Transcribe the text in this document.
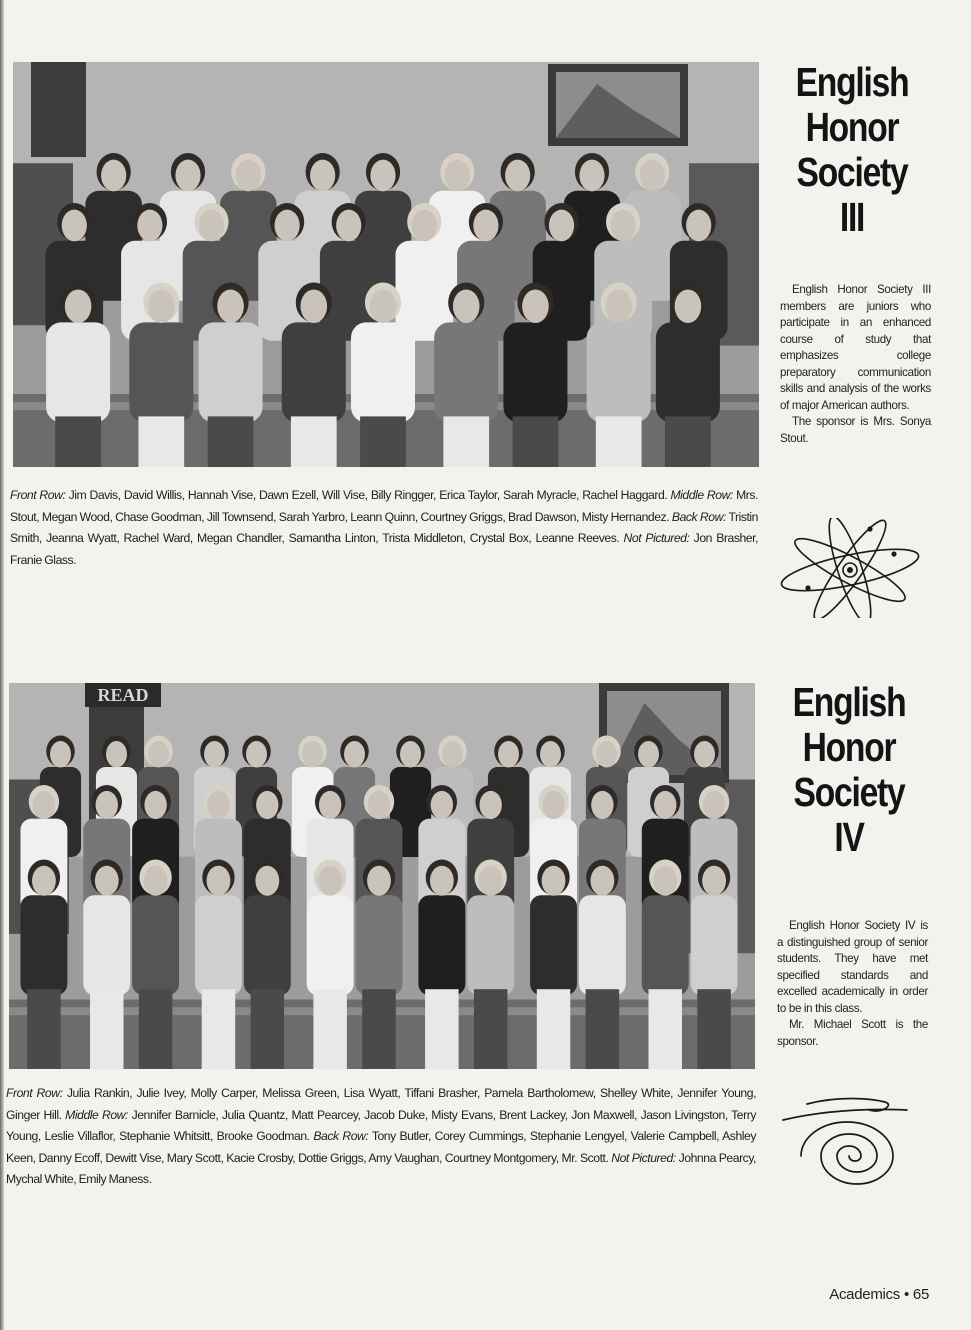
Front Row: Jim Davis, David Willis, Hannah Vise, Dawn Ezell, Will Vise, Billy Ringger, Erica Taylor, Sarah Myracle, Rachel Haggard. Middle Row: Mrs. Stout, Megan Wood, Chase Goodman, Jill Townsend, Sarah Yarbro, Leann Quinn, Courtney Griggs, Brad Dawson, Misty Hernandez. Back Row: Tristin Smith, Jeanna Wyatt, Rachel Ward, Megan Chandler, Samantha Linton, Trista Middleton, Crystal Box, Leanne Reeves. Not Pictured: Jon Brasher, Franie Glass.

English
Honor
Society
III

English Honor Society III members are juniors who participate in an enhanced course of study that emphasizes college preparatory communication skills and analysis of the works of major American authors.

The sponsor is Mrs. Sonya Stout.

READ

Front Row: Julia Rankin, Julie Ivey, Molly Carper, Melissa Green, Lisa Wyatt, Tiffani Brasher, Pamela Bartholomew, Shelley White, Jennifer Young, Ginger Hill. Middle Row: Jennifer Barnicle, Julia Quantz, Matt Pearcey, Jacob Duke, Misty Evans, Brent Lackey, Jon Maxwell, Jason Livingston, Terry Young, Leslie Villaflor, Stephanie Whitsitt, Brooke Goodman. Back Row: Tony Butler, Corey Cummings, Stephanie Lengyel, Valerie Campbell, Ashley Keen, Danny Ecoff, Dewitt Vise, Mary Scott, Kacie Crosby, Dottie Griggs, Amy Vaughan, Courtney Montgomery, Mr. Scott. Not Pictured: Johnna Pearcy, Mychal White, Emily Maness.

English
Honor
Society
IV

English Honor Society IV is a distinguished group of senior students. They have met specified standards and excelled academically in order to be in this class.

Mr. Michael Scott is the sponsor.

Academics • 65
